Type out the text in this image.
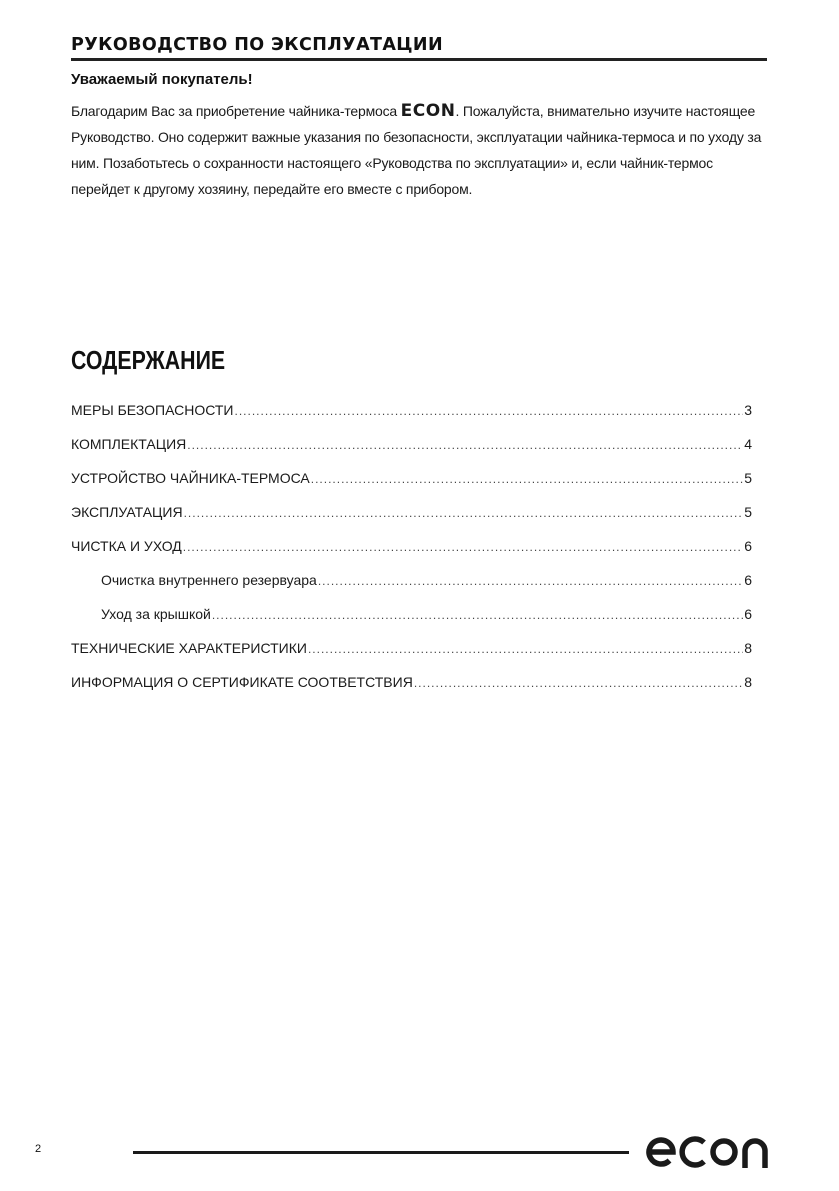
РУКОВОДСТВО ПО ЭКСПЛУАТАЦИИ
Уважаемый покупатель!

Благодарим Вас за приобретение чайника-термоса ECON. Пожалуйста, внимательно изучите настоящее Руководство. Оно содержит важные указания по безопасности, эксплуатации чайника-термоса и по уходу за ним. Позаботьтесь о сохранности настоящего «Руководства по эксплуатации» и, если чайник-термос перейдет к другому хозяину, передайте его вместе с прибором.

СОДЕРЖАНИЕ
МЕРЫ БЕЗОПАСНОСТИ .....	3
КОМПЛЕКТАЦИЯ .....	4
УСТРОЙСТВО ЧАЙНИКА-ТЕРМОСА .....	5
ЭКСПЛУАТАЦИЯ .....	5
ЧИСТКА И УХОД .....	6
Очистка внутреннего резервуара .....	6
Уход за крышкой .....	6
ТЕХНИЧЕСКИЕ ХАРАКТЕРИСТИКИ .....	8
ИНФОРМАЦИЯ О СЕРТИФИКАТЕ СООТВЕТСТВИЯ .....	8
2
